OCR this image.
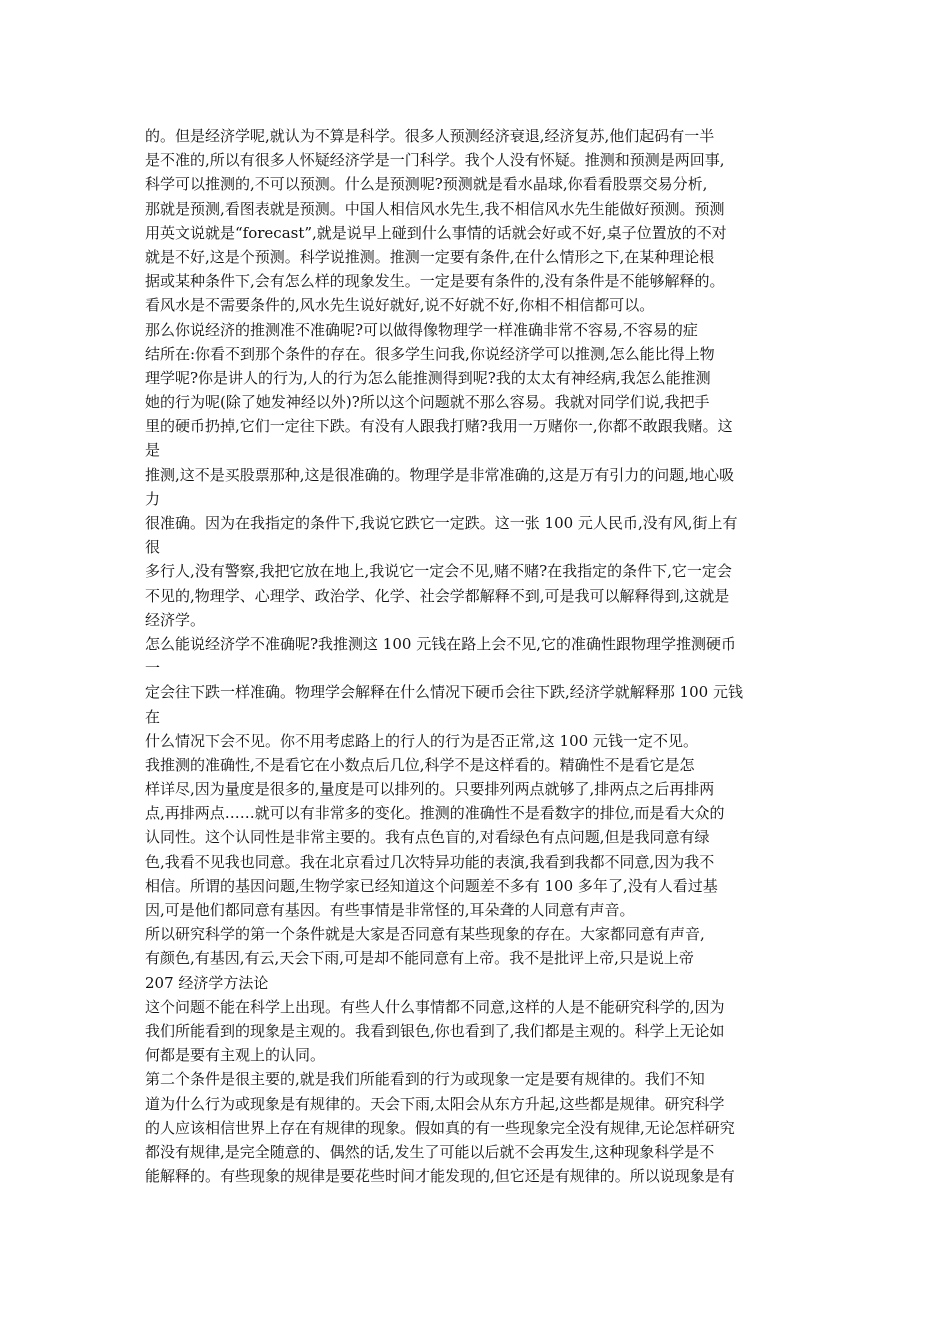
的。但是经济学呢,就认为不算是科学。很多人预测经济衰退,经济复苏,他们起码有一半
是不准的,所以有很多人怀疑经济学是一门科学。我个人没有怀疑。推测和预测是两回事,
科学可以推测的,不可以预测。什么是预测呢?预测就是看水晶球,你看看股票交易分析,
那就是预测,看图表就是预测。中国人相信风水先生,我不相信风水先生能做好预测。预测
用英文说就是“forecast”,就是说早上碰到什么事情的话就会好或不好,桌子位置放的不对
就是不好,这是个预测。科学说推测。推测一定要有条件,在什么情形之下,在某种理论根
据或某种条件下,会有怎么样的现象发生。一定是要有条件的,没有条件是不能够解释的。
看风水是不需要条件的,风水先生说好就好,说不好就不好,你相不相信都可以。
那么你说经济的推测准不准确呢?可以做得像物理学一样准确非常不容易,不容易的症
结所在:你看不到那个条件的存在。很多学生问我,你说经济学可以推测,怎么能比得上物
理学呢?你是讲人的行为,人的行为怎么能推测得到呢?我的太太有神经病,我怎么能推测
她的行为呢(除了她发神经以外)?所以这个问题就不那么容易。我就对同学们说,我把手
里的硬币扔掉,它们一定往下跌。有没有人跟我打赌?我用一万赌你一,你都不敢跟我赌。这
是
推测,这不是买股票那种,这是很准确的。物理学是非常准确的,这是万有引力的问题,地心吸
力
很准确。因为在我指定的条件下,我说它跌它一定跌。这一张 100 元人民币,没有风,街上有
很
多行人,没有警察,我把它放在地上,我说它一定会不见,赌不赌?在我指定的条件下,它一定会
不见的,物理学、心理学、政治学、化学、社会学都解释不到,可是我可以解释得到,这就是
经济学。
怎么能说经济学不准确呢?我推测这 100 元钱在路上会不见,它的准确性跟物理学推测硬币
一
定会往下跌一样准确。物理学会解释在什么情况下硬币会往下跌,经济学就解释那 100 元钱
在
什么情况下会不见。你不用考虑路上的行人的行为是否正常,这 100 元钱一定不见。
我推测的准确性,不是看它在小数点后几位,科学不是这样看的。精确性不是看它是怎
样详尽,因为量度是很多的,量度是可以排列的。只要排列两点就够了,排两点之后再排两
点,再排两点……就可以有非常多的变化。推测的准确性不是看数字的排位,而是看大众的
认同性。这个认同性是非常主要的。我有点色盲的,对看绿色有点问题,但是我同意有绿
色,我看不见我也同意。我在北京看过几次特异功能的表演,我看到我都不同意,因为我不
相信。所谓的基因问题,生物学家已经知道这个问题差不多有 100 多年了,没有人看过基
因,可是他们都同意有基因。有些事情是非常怪的,耳朵聋的人同意有声音。
所以研究科学的第一个条件就是大家是否同意有某些现象的存在。大家都同意有声音,
有颜色,有基因,有云,天会下雨,可是却不能同意有上帝。我不是批评上帝,只是说上帝
207 经济学方法论
这个问题不能在科学上出现。有些人什么事情都不同意,这样的人是不能研究科学的,因为
我们所能看到的现象是主观的。我看到银色,你也看到了,我们都是主观的。科学上无论如
何都是要有主观上的认同。
第二个条件是很主要的,就是我们所能看到的行为或现象一定是要有规律的。我们不知
道为什么行为或现象是有规律的。天会下雨,太阳会从东方升起,这些都是规律。研究科学
的人应该相信世界上存在有规律的现象。假如真的有一些现象完全没有规律,无论怎样研究
都没有规律,是完全随意的、偶然的话,发生了可能以后就不会再发生,这种现象科学是不
能解释的。有些现象的规律是要花些时间才能发现的,但它还是有规律的。所以说现象是有
